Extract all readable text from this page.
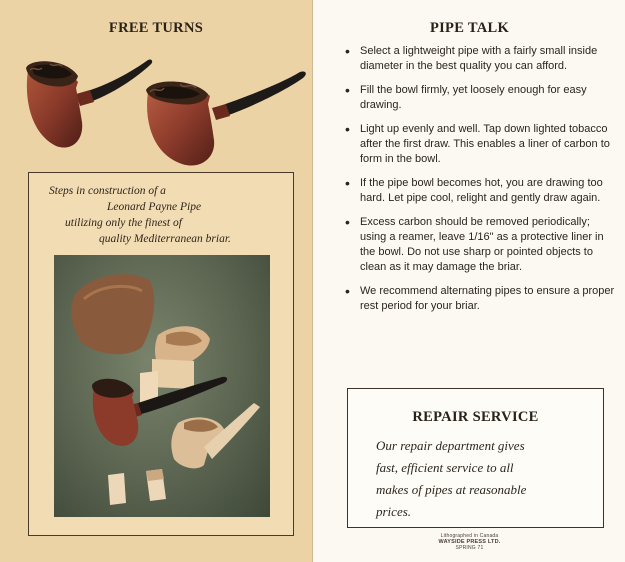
FREE TURNS
Steps in construction of a
Leonard Payne Pipe
utilizing only the finest of
quality Mediterranean briar.
PIPE TALK
• Select a lightweight pipe with a fairly small inside diameter in the best quality you can afford.
• Fill the bowl firmly, yet loosely enough for easy drawing.
• Light up evenly and well. Tap down lighted tobacco after the first draw. This enables a liner of carbon to form in the bowl.
• If the pipe bowl becomes hot, you are drawing too hard. Let pipe cool, relight and gently draw again.
• Excess carbon should be removed periodically; using a reamer, leave 1/16" as a protective liner in the bowl. Do not use sharp or pointed objects to clean as it may damage the briar.
• We recommend alternating pipes to ensure a proper rest period for your briar.
REPAIR SERVICE
Our repair department gives
fast, efficient service to all
makes of pipes at reasonable
prices.
Lithographed in Canada
WAYSIDE PRESS LTD.
SPRING 71
